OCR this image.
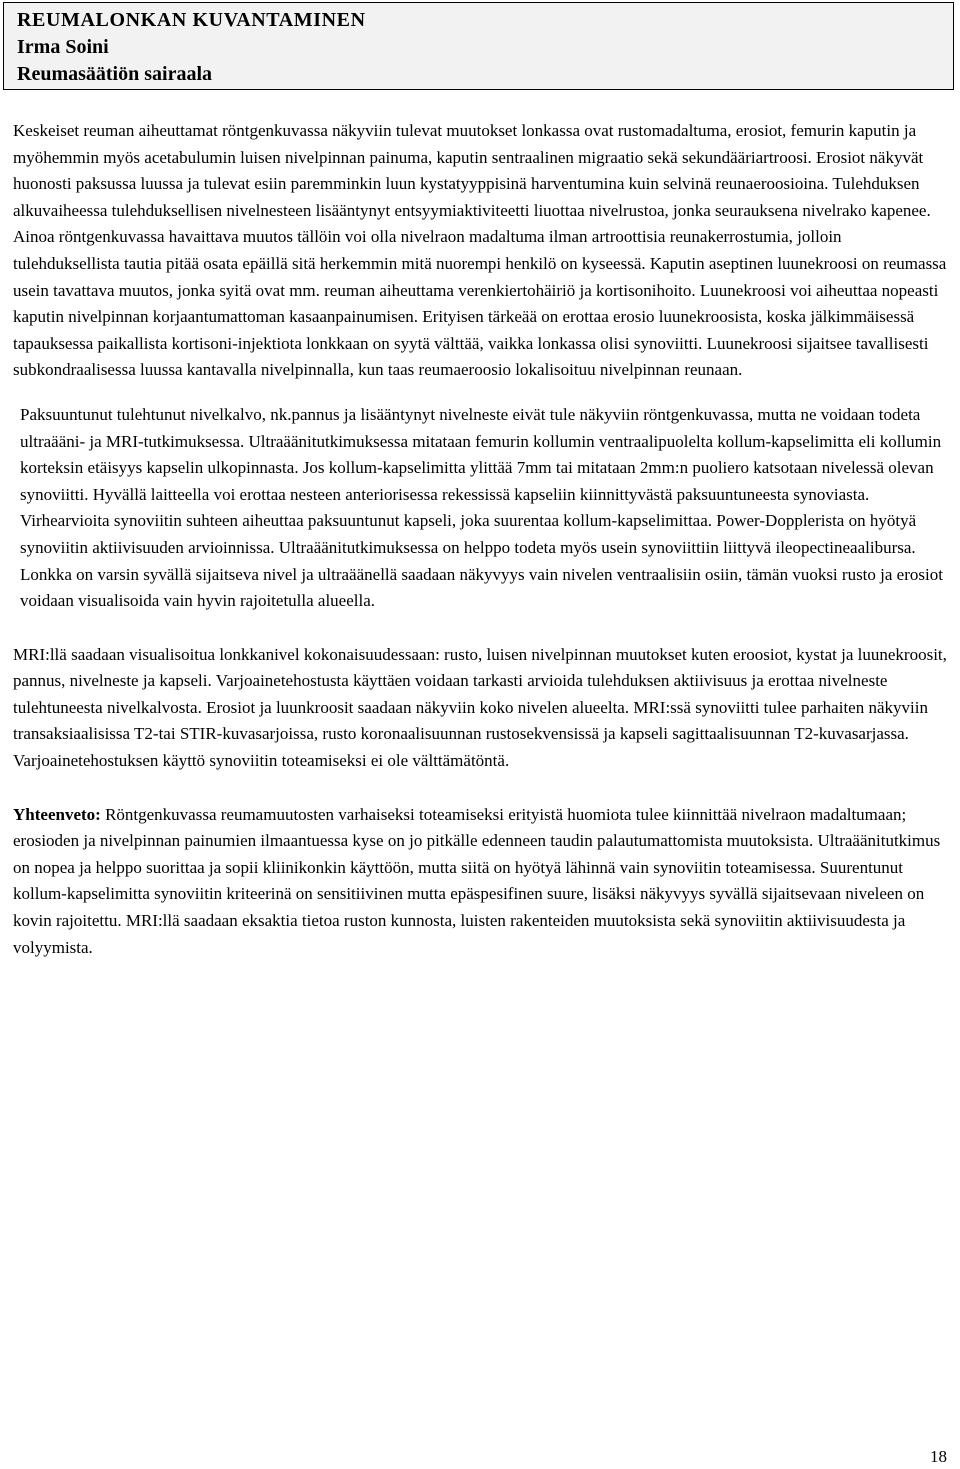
REUMALONKAN KUVANTAMINEN
Irma Soini
Reumasäätiön sairaala

Keskeiset reuman aiheuttamat röntgenkuvassa näkyviin tulevat muutokset lonkassa ovat rustomadaltuma, erosiot, femurin kaputin ja myöhemmin myös acetabulumin luisen nivelpinnan painuma, kaputin sentraalinen migraatio sekä sekundääriartroosi. Erosiot näkyvät huonosti paksussa luussa ja tulevat esiin paremminkin luun kystatyyppisinä harventumina kuin selvinä reunaeroosioina. Tulehduksen alkuvaiheessa tulehduksellisen nivelnesteen lisääntynyt entsyymiaktiviteetti liuottaa nivelrustoa, jonka seurauksena nivelrako kapenee. Ainoa röntgenkuvassa havaittava muutos tällöin voi olla nivelraon madaltuma ilman artroottisia reunakerrostumia, jolloin tulehduksellista tautia pitää osata epäillä sitä herkemmin mitä nuorempi henkilö on kyseessä. Kaputin aseptinen luunekroosi on reumassa usein tavattava muutos, jonka syitä ovat mm. reuman aiheuttama verenkiertohäiriö ja kortisonihoito. Luunekroosi voi aiheuttaa nopeasti kaputin nivelpinnan korjaantumattoman kasaanpainumisen. Erityisen tärkeää on erottaa erosio luunekroosista, koska jälkimmäisessä tapauksessa paikallista kortisoni-injektiota lonkkaan on syytä välttää, vaikka lonkassa olisi synoviitti. Luunekroosi sijaitsee tavallisesti subkondraalisessa luussa kantavalla nivelpinnalla, kun taas reumaeroosio lokalisoituu nivelpinnan reunaan.

Paksuuntunut tulehtunut nivelkalvo, nk.pannus ja lisääntynyt nivelneste eivät tule näkyviin röntgenkuvassa, mutta ne voidaan todeta ultraääni- ja MRI-tutkimuksessa. Ultraäänitutkimuksessa mitataan femurin kollumin ventraalipuolelta kollum-kapselimitta eli kollumin korteksin etäisyys kapselin ulkopinnasta. Jos kollum-kapselimitta ylittää 7mm tai mitataan 2mm:n puoliero katsotaan nivelessä olevan synoviitti. Hyvällä laitteella voi erottaa nesteen anteriorisessa rekessissä kapseliin kiinnittyvästä paksuuntuneesta synoviasta. Virhearvioita synoviitin suhteen aiheuttaa paksuuntunut kapseli, joka suurentaa kollum-kapselimittaa. Power-Dopplerista on hyötyä synoviitin aktiivisuuden arvioinnissa. Ultraäänitutkimuksessa on helppo todeta myös usein synoviittiin liittyvä ileopectineaalibursa. Lonkka on varsin syvällä sijaitseva nivel ja ultraäänellä saadaan näkyvyys vain nivelen ventraalisiin osiin, tämän vuoksi rusto ja erosiot voidaan visualisoida vain hyvin rajoitetulla alueella.

MRI:llä saadaan visualisoitua lonkkanivel kokonaisuudessaan: rusto, luisen nivelpinnan muutokset kuten eroosiot, kystat ja luunekroosit, pannus, nivelneste ja kapseli. Varjoainetehostusta käyttäen voidaan tarkasti arvioida tulehduksen aktiivisuus ja erottaa nivelneste tulehtuneesta nivelkalvosta. Erosiot ja luunkroosit saadaan näkyviin koko nivelen alueelta. MRI:ssä synoviitti tulee parhaiten näkyviin transaksiaalisissa T2-tai STIR-kuvasarjoissa, rusto koronaalisuunnan rustosekvensissä ja kapseli sagittaalisuunnan T2-kuvasarjassa. Varjoainetehostuksen käyttö synoviitin toteamiseksi ei ole välttämätöntä.

Yhteenveto: Röntgenkuvassa reumamuutosten varhaiseksi toteamiseksi erityistä huomiota tulee kiinnittää nivelraon madaltumaan; erosioden ja nivelpinnan painumien ilmaantuessa kyse on jo pitkälle edenneen taudin palautumattomista muutoksista. Ultraäänitutkimus on nopea ja helppo suorittaa ja sopii kliinikonkin käyttöön, mutta siitä on hyötyä lähinnä vain synoviitin toteamisessa. Suurentunut kollum-kapselimitta synoviitin kriteerinä on sensitiivinen mutta epäspesifinen suure, lisäksi näkyvyys syvällä sijaitsevaan niveleen on kovin rajoitettu. MRI:llä saadaan eksaktia tietoa ruston kunnosta, luisten rakenteiden muutoksista sekä synoviitin aktiivisuudesta ja volyymista.

18
